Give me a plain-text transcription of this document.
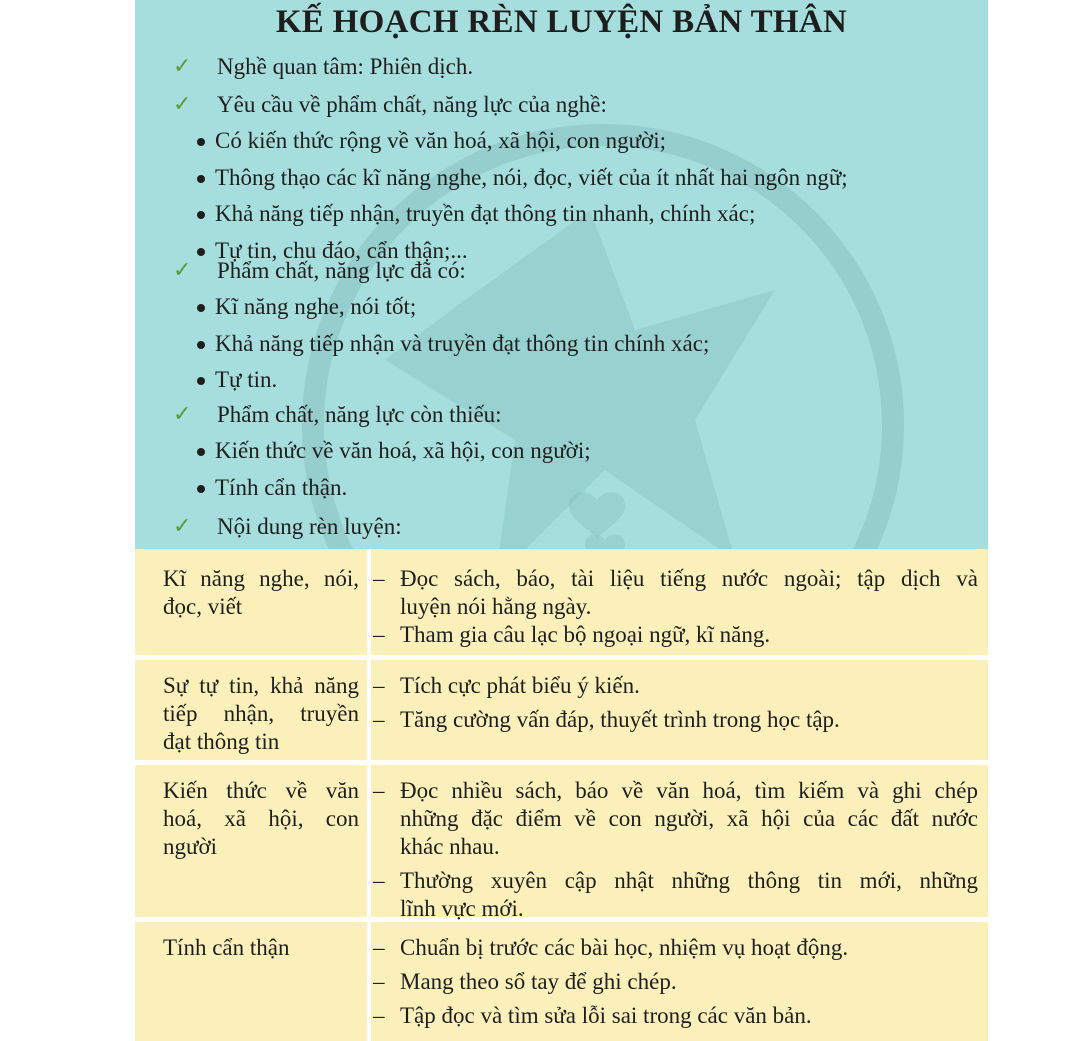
KẾ HOẠCH RÈN LUYỆN BẢN THÂN
✓ Nghề quan tâm: Phiên dịch.
✓ Yêu cầu về phẩm chất, năng lực của nghề:
Có kiến thức rộng về văn hoá, xã hội, con người;
Thông thạo các kĩ năng nghe, nói, đọc, viết của ít nhất hai ngôn ngữ;
Khả năng tiếp nhận, truyền đạt thông tin nhanh, chính xác;
Tự tin, chu đáo, cẩn thận;...
✓ Phẩm chất, năng lực đã có:
Kĩ năng nghe, nói tốt;
Khả năng tiếp nhận và truyền đạt thông tin chính xác;
Tự tin.
✓ Phẩm chất, năng lực còn thiếu:
Kiến thức về văn hoá, xã hội, con người;
Tính cẩn thận.
✓ Nội dung rèn luyện:
Kĩ năng nghe, nói,
đọc, viết
– Đọc sách, báo, tài liệu tiếng nước ngoài; tập dịch và
luyện nói hằng ngày.
– Tham gia câu lạc bộ ngoại ngữ, kĩ năng.
Sự tự tin, khả năng
tiếp nhận, truyền
đạt thông tin
– Tích cực phát biểu ý kiến.
– Tăng cường vấn đáp, thuyết trình trong học tập.
Kiến thức về văn
hoá, xã hội, con
người
– Đọc nhiều sách, báo về văn hoá, tìm kiếm và ghi chép
những đặc điểm về con người, xã hội của các đất nước
khác nhau.
– Thường xuyên cập nhật những thông tin mới, những
lĩnh vực mới.
Tính cẩn thận	– Chuẩn bị trước các bài học, nhiệm vụ hoạt động.
– Mang theo sổ tay để ghi chép.
– Tập đọc và tìm sửa lỗi sai trong các văn bản.
